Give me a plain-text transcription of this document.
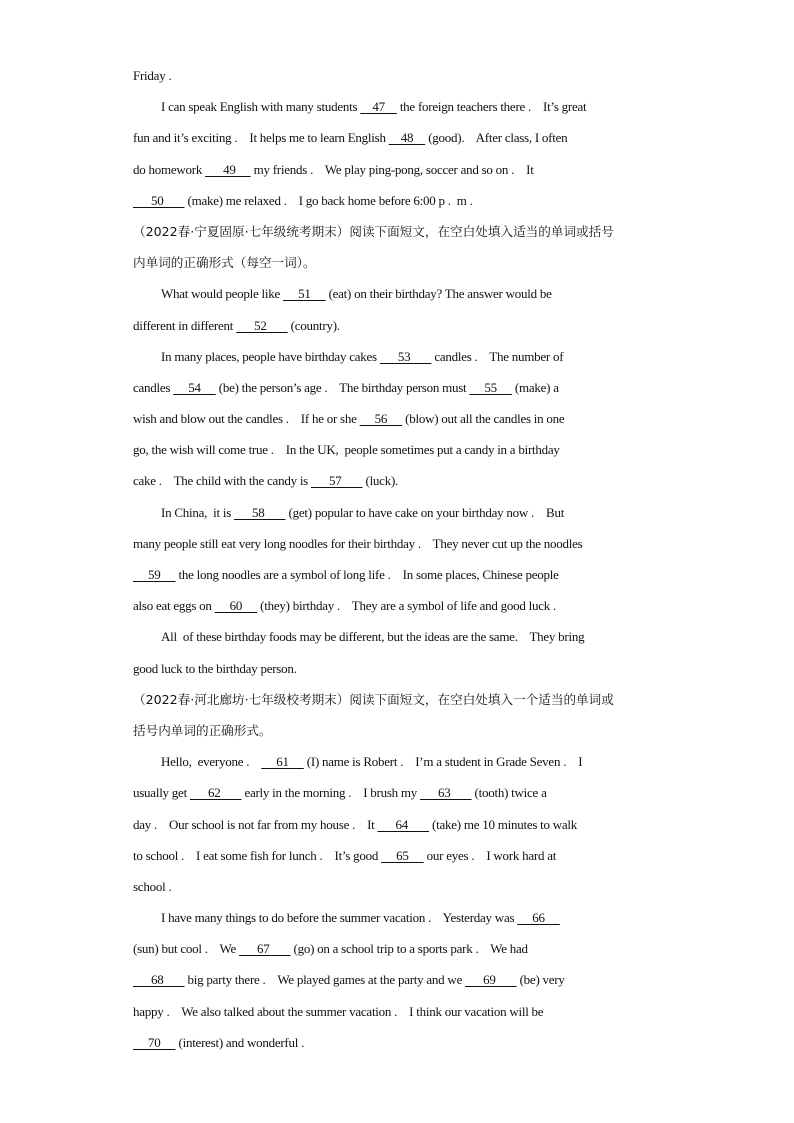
Friday .
I can speak English with many students     47     the foreign teachers there .    It’s great
fun and it’s exciting .    It helps me to learn English     48     (good).    After class, I often
do homework       49      my friends .    We play ping-pong, soccer and so on .    It
50        (make) me relaxed .    I go back home before 6:00 p .  m .
（2022春·宁夏固原·七年级统考期末）阅读下面短文，在空白处填入适当的单词或括号
内单词的正确形式（每空一词）。
What would people like      51      (eat) on their birthday? The answer would be
different in different       52        (country).
In many places, people have birthday cakes       53        candles .    The number of
candles      54      (be) the person’s age .    The birthday person must      55      (make) a
wish and blow out the candles .    If he or she      56      (blow) out all the candles in one
go, the wish will come true .    In the UK,  people sometimes put a candy in a birthday
cake .    The child with the candy is       57        (luck).
In China,  it is       58        (get) popular to have cake on your birthday now .    But
many people still eat very long noodles for their birthday .    They never cut up the noodles
59      the long noodles are a symbol of long life .    In some places, Chinese people
also eat eggs on      60      (they) birthday .    They are a symbol of life and good luck .
All  of these birthday foods may be different, but the ideas are the same.    They bring
good luck to the birthday person.
（2022春·河北廊坊·七年级校考期末）阅读下面短文，在空白处填入一个适当的单词或
括号内单词的正确形式。
Hello,  everyone .         61      (I) name is Robert .    I’m a student in Grade Seven .    I
usually get       62        early in the morning .    I brush my       63        (tooth) twice a
day .    Our school is not far from my house .    It       64        (take) me 10 minutes to walk
to school .    I eat some fish for lunch .    It’s good      65      our eyes .    I work hard at
school .
I have many things to do before the summer vacation .    Yesterday was      66
(sun) but cool .    We       67        (go) on a school trip to a sports park .    We had
68        big party there .    We played games at the party and we       69        (be) very
happy .    We also talked about the summer vacation .    I think our vacation will be
70      (interest) and wonderful .
